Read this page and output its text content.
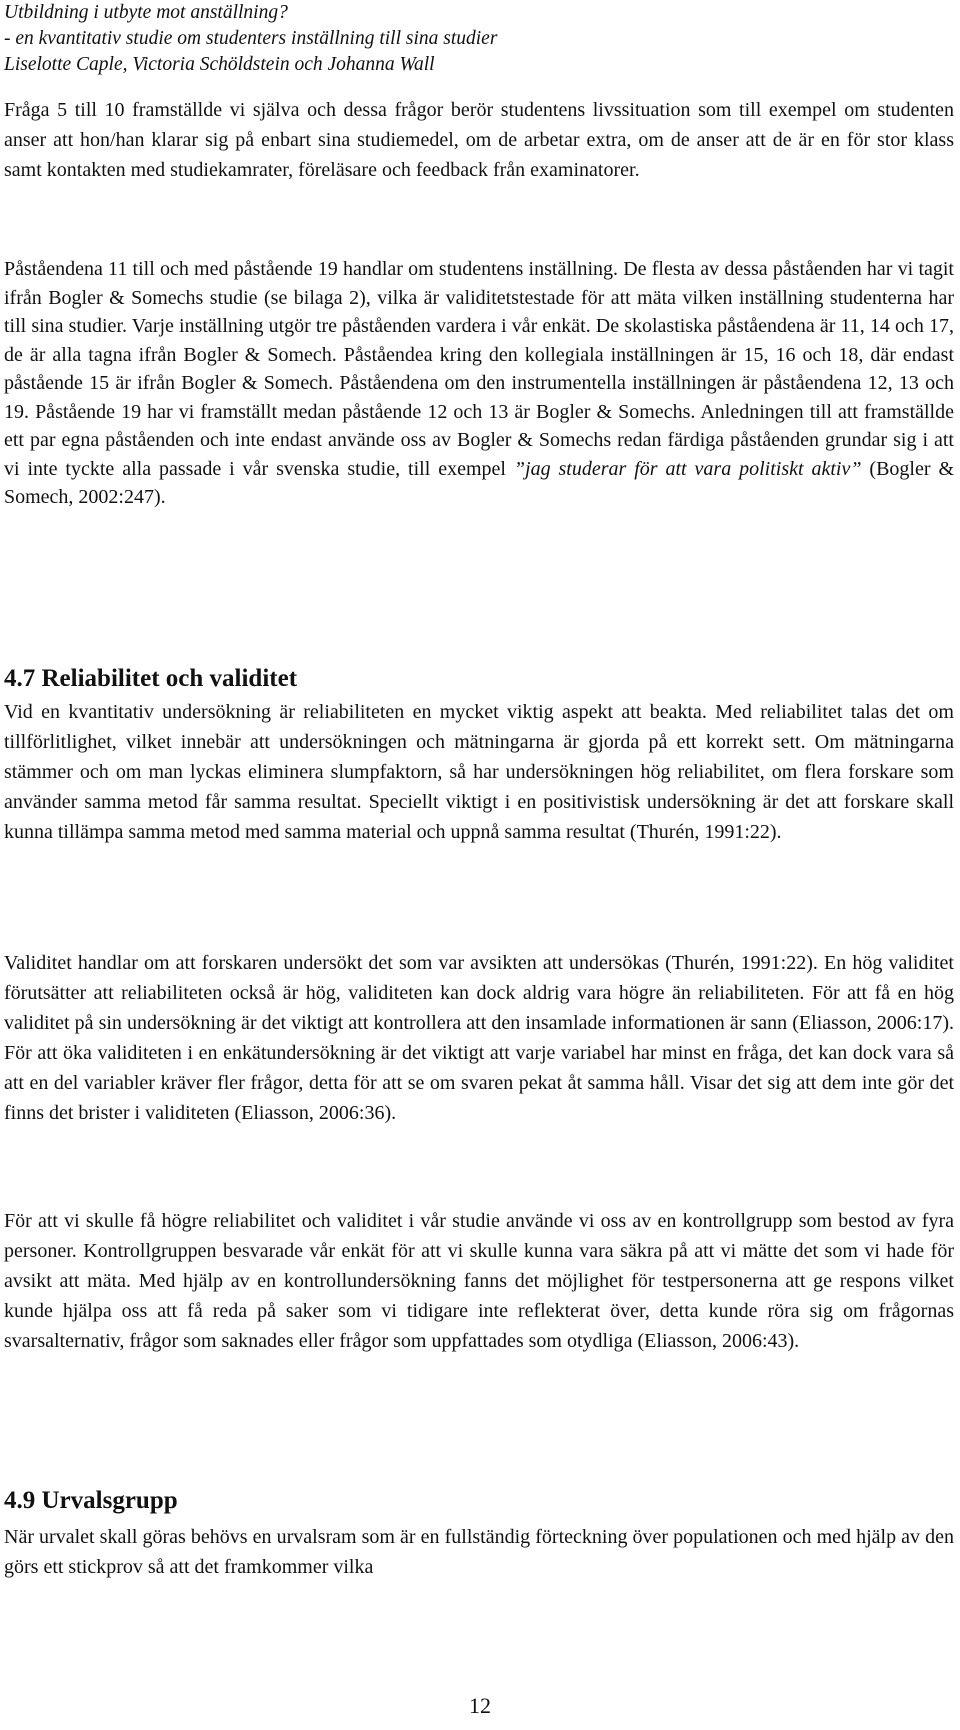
Utbildning i utbyte mot anställning?
- en kvantitativ studie om studenters inställning till sina studier
Liselotte Caple, Victoria Schöldstein och Johanna Wall

Fråga 5 till 10 framställde vi själva och dessa frågor berör studentens livssituation som till exempel om studenten anser att hon/han klarar sig på enbart sina studiemedel, om de arbetar extra, om de anser att de är en för stor klass samt kontakten med studiekamrater, föreläsare och feedback från examinatorer.

Påståendena 11 till och med påstående 19 handlar om studentens inställning. De flesta av dessa påståenden har vi tagit ifrån Bogler & Somechs studie (se bilaga 2), vilka är validitetstestade för att mäta vilken inställning studenterna har till sina studier. Varje inställning utgör tre påståenden vardera i vår enkät. De skolastiska påståendena är 11, 14 och 17, de är alla tagna ifrån Bogler & Somech. Påståendea kring den kollegiala inställningen är 15, 16 och 18, där endast påstående 15 är ifrån Bogler & Somech. Påståendena om den instrumentella inställningen är påståendena 12, 13 och 19. Påstående 19 har vi framställt medan påstående 12 och 13 är Bogler & Somechs. Anledningen till att framställde ett par egna påståenden och inte endast använde oss av Bogler & Somechs redan färdiga påståenden grundar sig i att vi inte tyckte alla passade i vår svenska studie, till exempel ”jag studerar för att vara politiskt aktiv” (Bogler & Somech, 2002:247).

4.7 Reliabilitet och validitet

Vid en kvantitativ undersökning är reliabiliteten en mycket viktig aspekt att beakta. Med reliabilitet talas det om tillförlitlighet, vilket innebär att undersökningen och mätningarna är gjorda på ett korrekt sett. Om mätningarna stämmer och om man lyckas eliminera slumpfaktorn, så har undersökningen hög reliabilitet, om flera forskare som använder samma metod får samma resultat. Speciellt viktigt i en positivistisk undersökning är det att forskare skall kunna tillämpa samma metod med samma material och uppnå samma resultat (Thurén, 1991:22).

Validitet handlar om att forskaren undersökt det som var avsikten att undersökas (Thurén, 1991:22). En hög validitet förutsätter att reliabiliteten också är hög, validiteten kan dock aldrig vara högre än reliabiliteten. För att få en hög validitet på sin undersökning är det viktigt att kontrollera att den insamlade informationen är sann (Eliasson, 2006:17). För att öka validiteten i en enkätundersökning är det viktigt att varje variabel har minst en fråga, det kan dock vara så att en del variabler kräver fler frågor, detta för att se om svaren pekat åt samma håll. Visar det sig att dem inte gör det finns det brister i validiteten (Eliasson, 2006:36).

För att vi skulle få högre reliabilitet och validitet i vår studie använde vi oss av en kontrollgrupp som bestod av fyra personer. Kontrollgruppen besvarade vår enkät för att vi skulle kunna vara säkra på att vi mätte det som vi hade för avsikt att mäta. Med hjälp av en kontrollundersökning fanns det möjlighet för testpersonerna att ge respons vilket kunde hjälpa oss att få reda på saker som vi tidigare inte reflekterat över, detta kunde röra sig om frågornas svarsalternativ, frågor som saknades eller frågor som uppfattades som otydliga (Eliasson, 2006:43).

4.9 Urvalsgrupp

När urvalet skall göras behövs en urvalsram som är en fullständig förteckning över populationen och med hjälp av den görs ett stickprov så att det framkommer vilka

12
